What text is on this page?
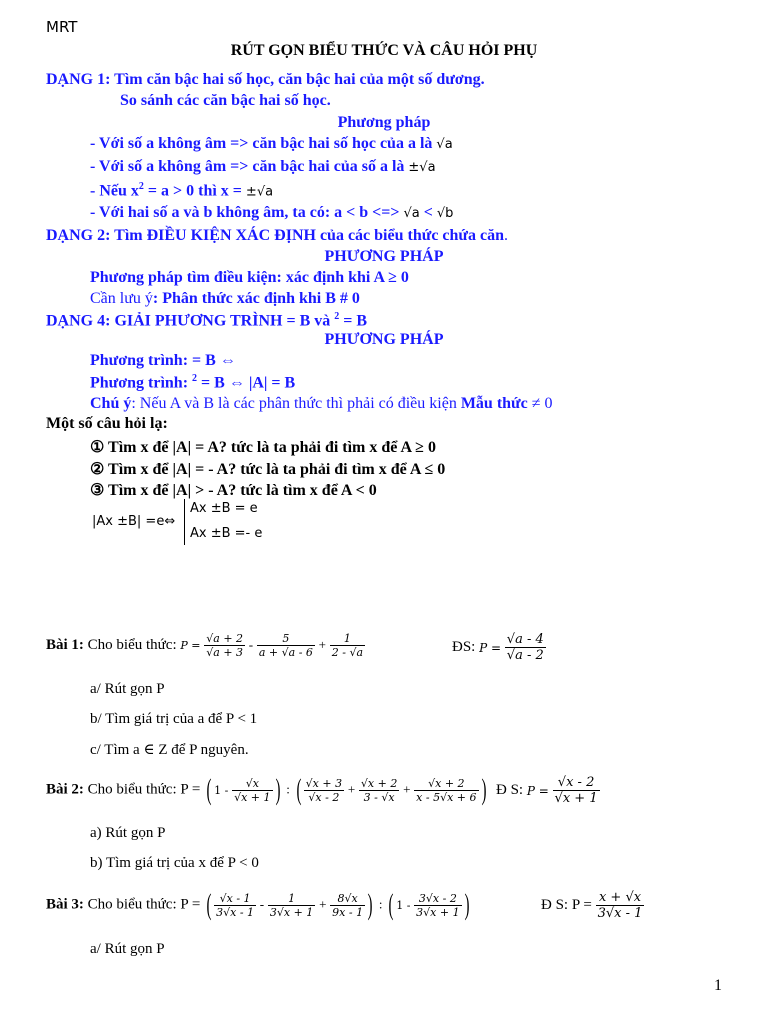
MRT
RÚT GỌN BIỂU THỨC VÀ CÂU HỎI PHỤ
DẠNG 1: Tìm căn bậc hai số học, căn bậc hai của một số dương.
So sánh các căn bậc hai số học.
Phương pháp
- Với số a không âm => căn bậc hai số học của a là √a
- Với số a không âm => căn bậc hai của số a là ±√a
- Nếu $x^2 = a > 0$ thì x = ±√a
- Với hai số a và b không âm, ta có: a < b <=> √a < √b
DẠNG 2: Tìm ĐIỀU KIỆN XÁC ĐỊNH của các biểu thức chứa căn.
PHƯƠNG PHÁP
Phương pháp tìm điều kiện: xác định khi A ≥ 0
Cần lưu ý: Phân thức xác định khi B # 0
DẠNG 4: GIẢI PHƯƠNG TRÌNH = B và $^2$ = B
PHƯƠNG PHÁP
Phương trình: = B ⇔
Phương trình: $^2$ = B ⇔ |A| = B
Chú ý: Nếu A và B là các phân thức thì phải có điều kiện Mẫu thức ≠ 0
Một số câu hỏi lạ:
① Tìm x để |A| = A? tức là ta phải đi tìm x để A ≥ 0
② Tìm x để |A| = - A? tức là ta phải đi tìm x để A ≤ 0
③ Tìm x để |A| > - A? tức là tìm x để A < 0
|Ax ±B| =e⇔
Ax ±B = e
Ax ±B =- e
Bài 1: Cho biểu thức: $P = \frac{√a + 2}{√a + 3} - \frac{5}{a + √a - 6} + \frac{1}{2 - √a}$	ĐS: $P = \frac{√a - 4}{√a - 2}$
a/ Rút gọn P
b/ Tìm giá trị của a để P < 1
c/ Tìm a ∈ Z để P nguyên.
Bài 2: Cho biểu thức: P = ( $1 - \frac{√x}{√x + 1}$ ) : ( $\frac{√x + 3}{√x - 2} + \frac{√x + 2}{3 - √x} + \frac{√x + 2}{x - 5√x + 6}$ ) Đ S: $P = \frac{√x - 2}{√x + 1}$
a) Rút gọn P
b) Tìm giá trị của x để P < 0
Bài 3: Cho biểu thức: P = ( $\frac{√x - 1}{3√x - 1} - \frac{1}{3√x + 1} + \frac{8√x}{9x - 1}$ ) : ( $1 - \frac{3√x - 2}{3√x + 1}$ )	Đ S: $P = \frac{x + √x}{3√x - 1}$
a/ Rút gọn P
1
